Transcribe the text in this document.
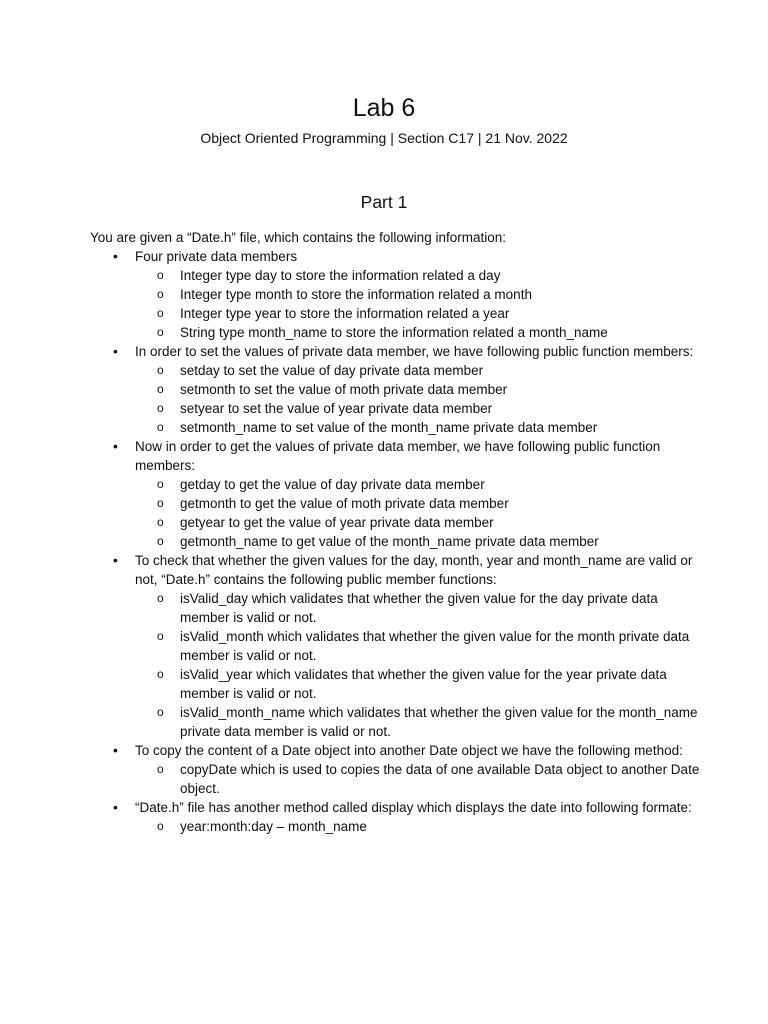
Lab 6
Object Oriented Programming | Section C17 | 21 Nov. 2022
Part 1
You are given a “Date.h” file, which contains the following information:
• Four private data members
o Integer type day to store the information related a day
o Integer type month to store the information related a month
o Integer type year to store the information related a year
o String type month_name to store the information related a month_name
• In order to set the values of private data member, we have following public function members:
o setday to set the value of day private data member
o setmonth to set the value of moth private data member
o setyear to set the value of year private data member
o setmonth_name to set value of the month_name private data member
• Now in order to get the values of private data member, we have following public function members:
o getday to get the value of day private data member
o getmonth to get the value of moth private data member
o getyear to get the value of year private data member
o getmonth_name to get value of the month_name private data member
• To check that whether the given values for the day, month, year and month_name are valid or not, “Date.h” contains the following public member functions:
o isValid_day which validates that whether the given value for the day private data member is valid or not.
o isValid_month which validates that whether the given value for the month private data member is valid or not.
o isValid_year which validates that whether the given value for the year private data member is valid or not.
o isValid_month_name which validates that whether the given value for the month_name private data member is valid or not.
• To copy the content of a Date object into another Date object we have the following method:
o copyDate which is used to copies the data of one available Data object to another Date object.
• “Date.h” file has another method called display which displays the date into following formate:
o year:month:day – month_name
